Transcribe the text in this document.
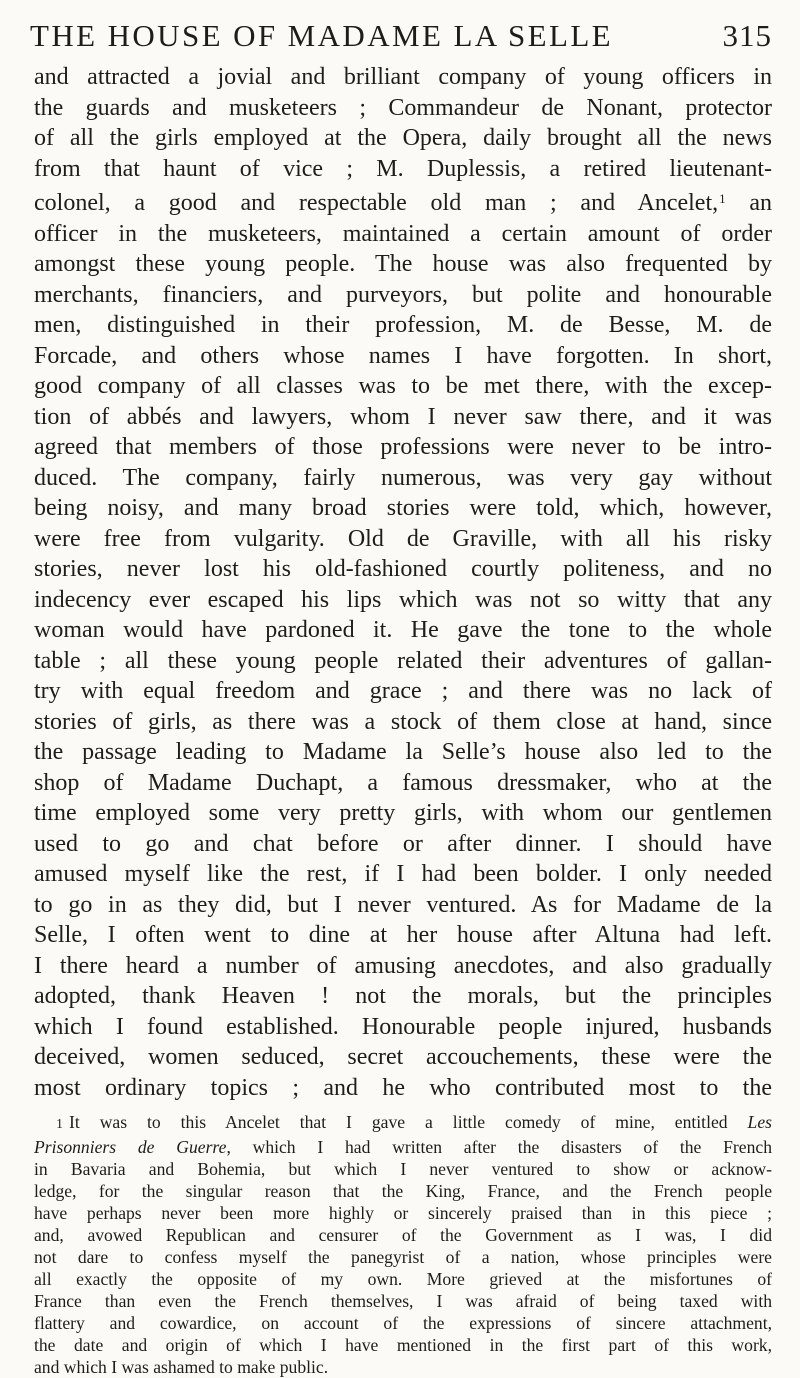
THE HOUSE OF MADAME LA SELLE	315
and attracted a jovial and brilliant company of young officers in
the guards and musketeers ; Commandeur de Nonant, protector
of all the girls employed at the Opera, daily brought all the news
from that haunt of vice ; M. Duplessis, a retired lieutenant-
colonel, a good and respectable old man ; and Ancelet,$^1$ an
officer in the musketeers, maintained a certain amount of order
amongst these young people. The house was also frequented by
merchants, financiers, and purveyors, but polite and honourable
men, distinguished in their profession, M. de Besse, M. de
Forcade, and others whose names I have forgotten. In short,
good company of all classes was to be met there, with the excep-
tion of abbés and lawyers, whom I never saw there, and it was
agreed that members of those professions were never to be intro-
duced. The company, fairly numerous, was very gay without
being noisy, and many broad stories were told, which, however,
were free from vulgarity. Old de Graville, with all his risky
stories, never lost his old-fashioned courtly politeness, and no
indecency ever escaped his lips which was not so witty that any
woman would have pardoned it. He gave the tone to the whole
table ; all these young people related their adventures of gallan-
try with equal freedom and grace ; and there was no lack of
stories of girls, as there was a stock of them close at hand, since
the passage leading to Madame la Selle’s house also led to the
shop of Madame Duchapt, a famous dressmaker, who at the
time employed some very pretty girls, with whom our gentlemen
used to go and chat before or after dinner. I should have
amused myself like the rest, if I had been bolder. I only needed
to go in as they did, but I never ventured. As for Madame de la
Selle, I often went to dine at her house after Altuna had left.
I there heard a number of amusing anecdotes, and also gradually
adopted, thank Heaven ! not the morals, but the principles
which I found established. Honourable people injured, husbands
deceived, women seduced, secret accouchements, these were the
most ordinary topics ; and he who contributed most to the
1 It was to this Ancelet that I gave a little comedy of mine, entitled Les
Prisonniers de Guerre, which I had written after the disasters of the French
in Bavaria and Bohemia, but which I never ventured to show or acknow-
ledge, for the singular reason that the King, France, and the French people
have perhaps never been more highly or sincerely praised than in this piece ;
and, avowed Republican and censurer of the Government as I was, I did
not dare to confess myself the panegyrist of a nation, whose principles were
all exactly the opposite of my own. More grieved at the misfortunes of
France than even the French themselves, I was afraid of being taxed with
flattery and cowardice, on account of the expressions of sincere attachment,
the date and origin of which I have mentioned in the first part of this work,
and which I was ashamed to make public.
